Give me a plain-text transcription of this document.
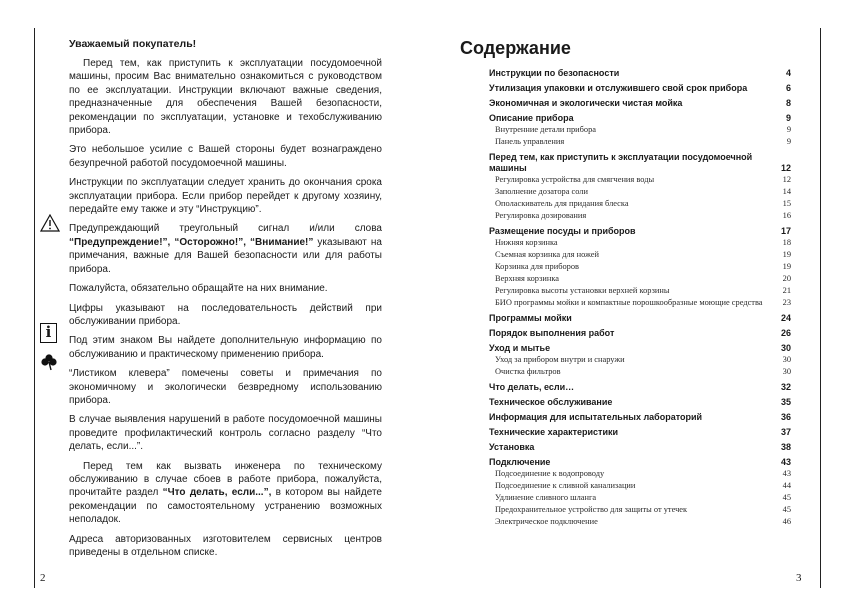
i
Уважаемый покупатель!

Перед тем, как приступить к эксплуатации посудомоечной машины, просим Вас внимательно ознакомиться с руководством по ее эксплуатации. Инструкции включают важные сведения, предназначенные для обеспечения Вашей безопасности, рекомендации по эксплуатации, установке и техобслуживанию прибора.

Это небольшое усилие с Вашей стороны будет вознаграждено безупречной работой посудомоечной машины.

Инструкции по эксплуатации следует хранить до окончания срока эксплуатации прибора. Если прибор перейдет к другому хозяину, передайте ему также и эту “Инструкцию”.

Предупреждающий треугольный сигнал и/или слова “Предупреждение!”, “Осторожно!”, “Внимание!” указывают на примечания, важные для Вашей безопасности или для работы прибора.

Пожалуйста, обязательно обращайте на них внимание.

Цифры указывают на последовательность действий при обслуживании прибора.

Под этим знаком Вы найдете дополнительную информацию по обслуживанию и практическому применению прибора.

“Листиком клевера” помечены советы и примечания по экономичному и экологически безвредному использованию прибора.

В случае выявления нарушений в работе посудомоечной машины проведите профилактический контроль согласно разделу “Что делать, если...”.

Перед тем как вызвать инженера по техническому обслуживанию в случае сбоев в работе прибора, пожалуйста, прочитайте раздел “Что делать, если...”, в котором вы найдете рекомендации по самостоятельному устранению возможных неполадок.

Адреса авторизованных изготовителем сервисных центров приведены в отдельном списке.

2
Содержание
Инструкции по безопасности	4
Утилизация упаковки и отслужившего свой срок прибора	6
Экономичная и экологически чистая мойка	8
Описание прибора	9
Внутренние детали прибора	9
Панель управления	9
Перед тем, как приступить к эксплуатации посудомоечной машины	12
Регулировка устройства для смягчения воды	12
Заполнение дозатора соли	14
Ополаскиватель для придания блеска	15
Регулировка дозирования	16
Размещение посуды и приборов	17
Нижняя корзинка	18
Съемная корзинка для ножей	19
Корзинка для приборов	19
Верхняя корзинка	20
Регулировка высоты установки верхней корзины	21
БИО программы мойки и компактные порошкообразные моющие средства	23
Программы мойки	24
Порядок выполнения работ	26
Уход и мытье	30
Уход за прибором внутри и снаружи	30
Очистка фильтров	30
Что делать, если…	32
Техническое обслуживание	35
Информация для испытательных лабораторий	36
Технические характеристики	37
Установка	38
Подключение	43
Подсоединение к водопроводу	43
Подсоединение к сливной канализации	44
Удлинение сливного шланга	45
Предохранительное устройство для защиты от утечек	45
Электрическое подключение	46
3
